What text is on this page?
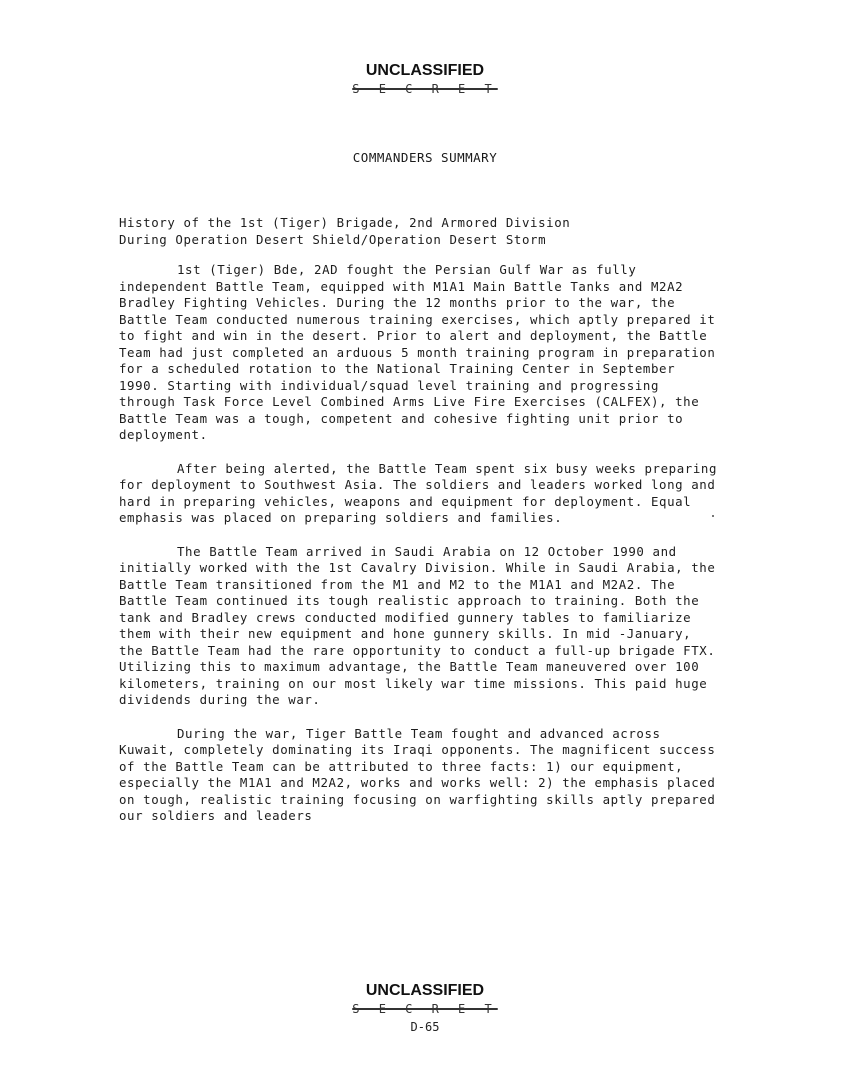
UNCLASSIFIED
S E C R E T
COMMANDERS SUMMARY
History of the 1st (Tiger) Brigade, 2nd Armored Division
During Operation Desert Shield/Operation Desert Storm

1st (Tiger) Bde, 2AD fought the Persian Gulf War as fully independent Battle Team, equipped with M1A1 Main Battle Tanks and M2A2 Bradley Fighting Vehicles. During the 12 months prior to the war, the Battle Team conducted numerous training exercises, which aptly prepared it to fight and win in the desert. Prior to alert and deployment, the Battle Team had just completed an arduous 5 month training program in preparation for a scheduled rotation to the National Training Center in September 1990. Starting with individual/squad level training and progressing through Task Force Level Combined Arms Live Fire Exercises (CALFEX), the Battle Team was a tough, competent and cohesive fighting unit prior to deployment.

After being alerted, the Battle Team spent six busy weeks preparing for deployment to Southwest Asia. The soldiers and leaders worked long and hard in preparing vehicles, weapons and equipment for deployment. Equal emphasis was placed on preparing soldiers and families.

The Battle Team arrived in Saudi Arabia on 12 October 1990 and initially worked with the 1st Cavalry Division. While in Saudi Arabia, the Battle Team transitioned from the M1 and M2 to the M1A1 and M2A2. The Battle Team continued its tough realistic approach to training. Both the tank and Bradley crews conducted modified gunnery tables to familiarize them with their new equipment and hone gunnery skills. In mid -January, the Battle Team had the rare opportunity to conduct a full-up brigade FTX. Utilizing this to maximum advantage, the Battle Team maneuvered over 100 kilometers, training on our most likely war time missions. This paid huge dividends during the war.

During the war, Tiger Battle Team fought and advanced across Kuwait, completely dominating its Iraqi opponents. The magnificent success of the Battle Team can be attributed to three facts: 1) our equipment, especially the M1A1 and M2A2, works and works well: 2) the emphasis placed on tough, realistic training focusing on warfighting skills aptly prepared our soldiers and leaders

UNCLASSIFIED
S E C R E T
D-65
